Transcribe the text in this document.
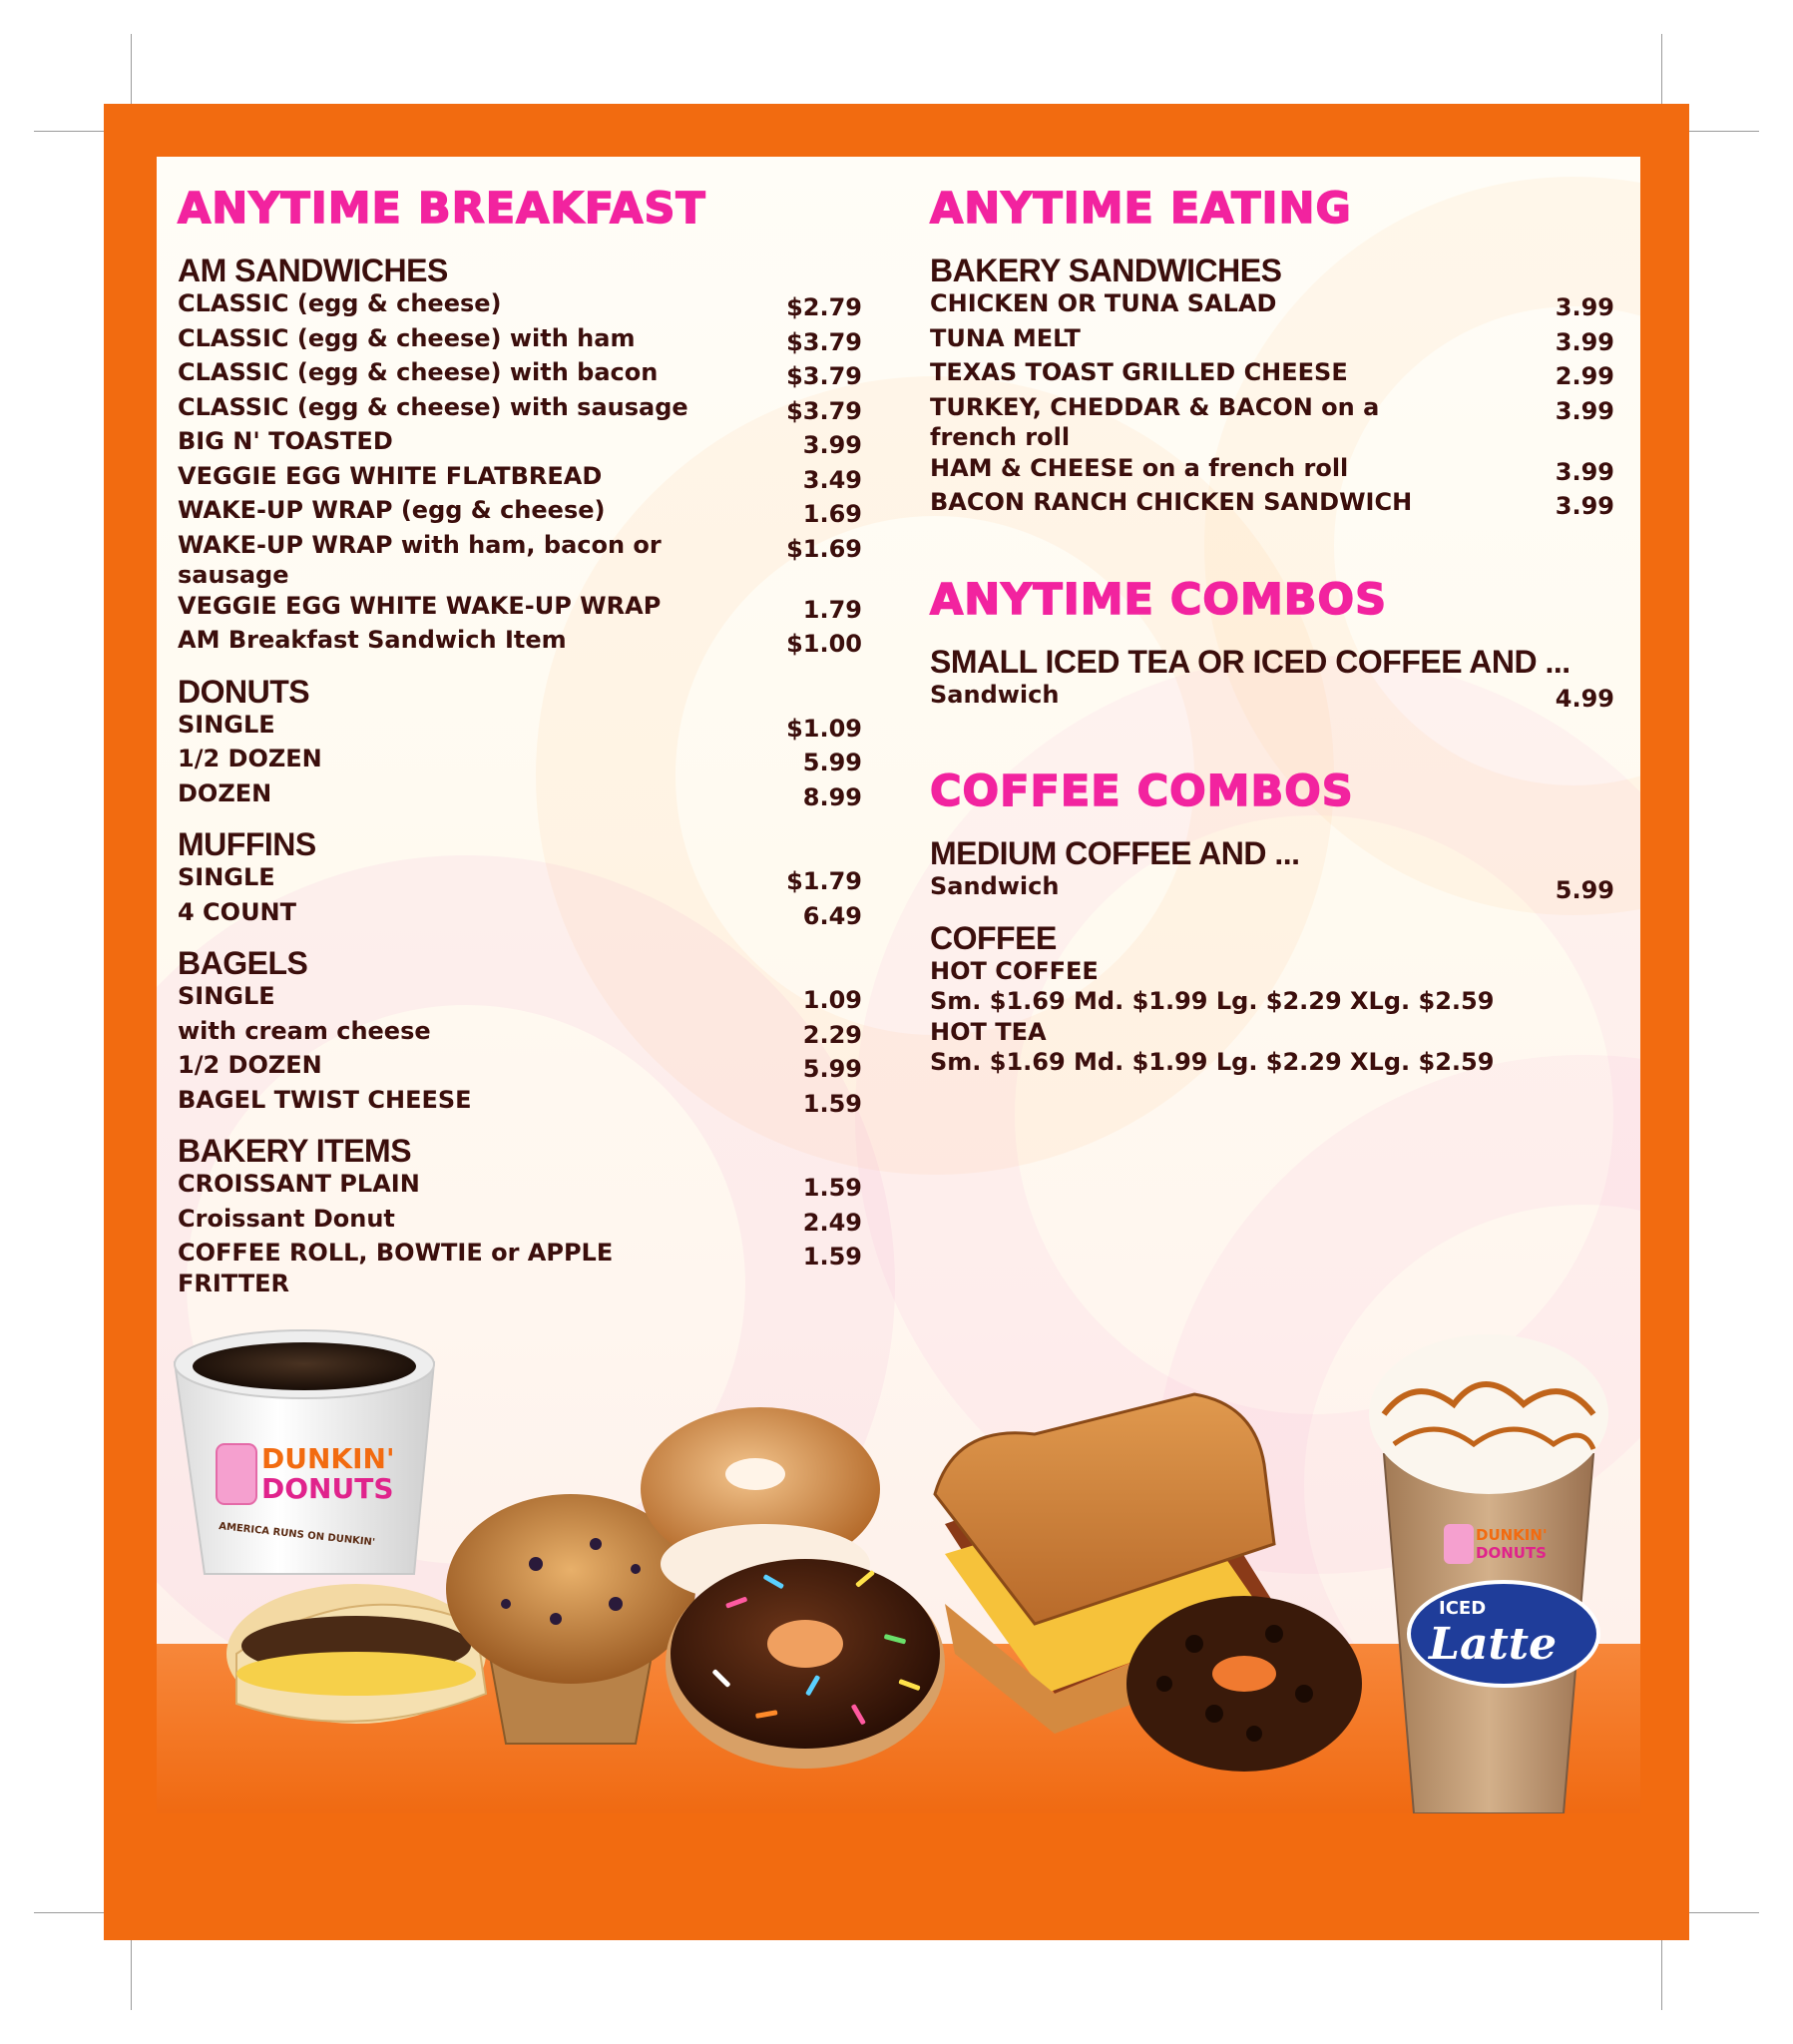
DUNKIN'
DONUTS
AMERICA RUNS ON DUNKIN'	DUNKIN'
DONUTS
ICED
Latte
ANYTIME BREAKFAST
AM SANDWICHES
CLASSIC (egg & cheese)	$2.79
CLASSIC (egg & cheese) with ham	$3.79
CLASSIC (egg & cheese) with bacon	$3.79
CLASSIC (egg & cheese) with sausage	$3.79
BIG N' TOASTED	3.99
VEGGIE EGG WHITE FLATBREAD	3.49
WAKE-UP WRAP (egg & cheese)	1.69
WAKE-UP WRAP with ham, bacon or sausage
$1.69
VEGGIE EGG WHITE WAKE-UP WRAP	1.79
AM Breakfast Sandwich Item	$1.00
DONUTS
SINGLE	$1.09
1/2 DOZEN	5.99
DOZEN	8.99
MUFFINS
SINGLE	$1.79
4 COUNT	6.49
BAGELS
SINGLE	1.09
with cream cheese	2.29
1/2 DOZEN	5.99
BAGEL TWIST CHEESE	1.59
BAKERY ITEMS
CROISSANT PLAIN	1.59
Croissant Donut	2.49
COFFEE ROLL, BOWTIE or APPLE FRITTER
1.59
ANYTIME EATING
BAKERY SANDWICHES
CHICKEN OR TUNA SALAD	3.99
TUNA MELT	3.99
TEXAS TOAST GRILLED CHEESE	2.99
TURKEY, CHEDDAR & BACON on a french roll
3.99
HAM & CHEESE on a french roll	3.99
BACON RANCH CHICKEN SANDWICH	3.99
ANYTIME COMBOS
SMALL ICED TEA OR ICED COFFEE AND ...
Sandwich	4.99
COFFEE COMBOS
MEDIUM COFFEE AND ...
Sandwich	5.99
COFFEE
HOT COFFEE
Sm. $1.69 Md. $1.99 Lg. $2.29 XLg. $2.59
HOT TEA
Sm. $1.69 Md. $1.99 Lg. $2.29 XLg. $2.59
